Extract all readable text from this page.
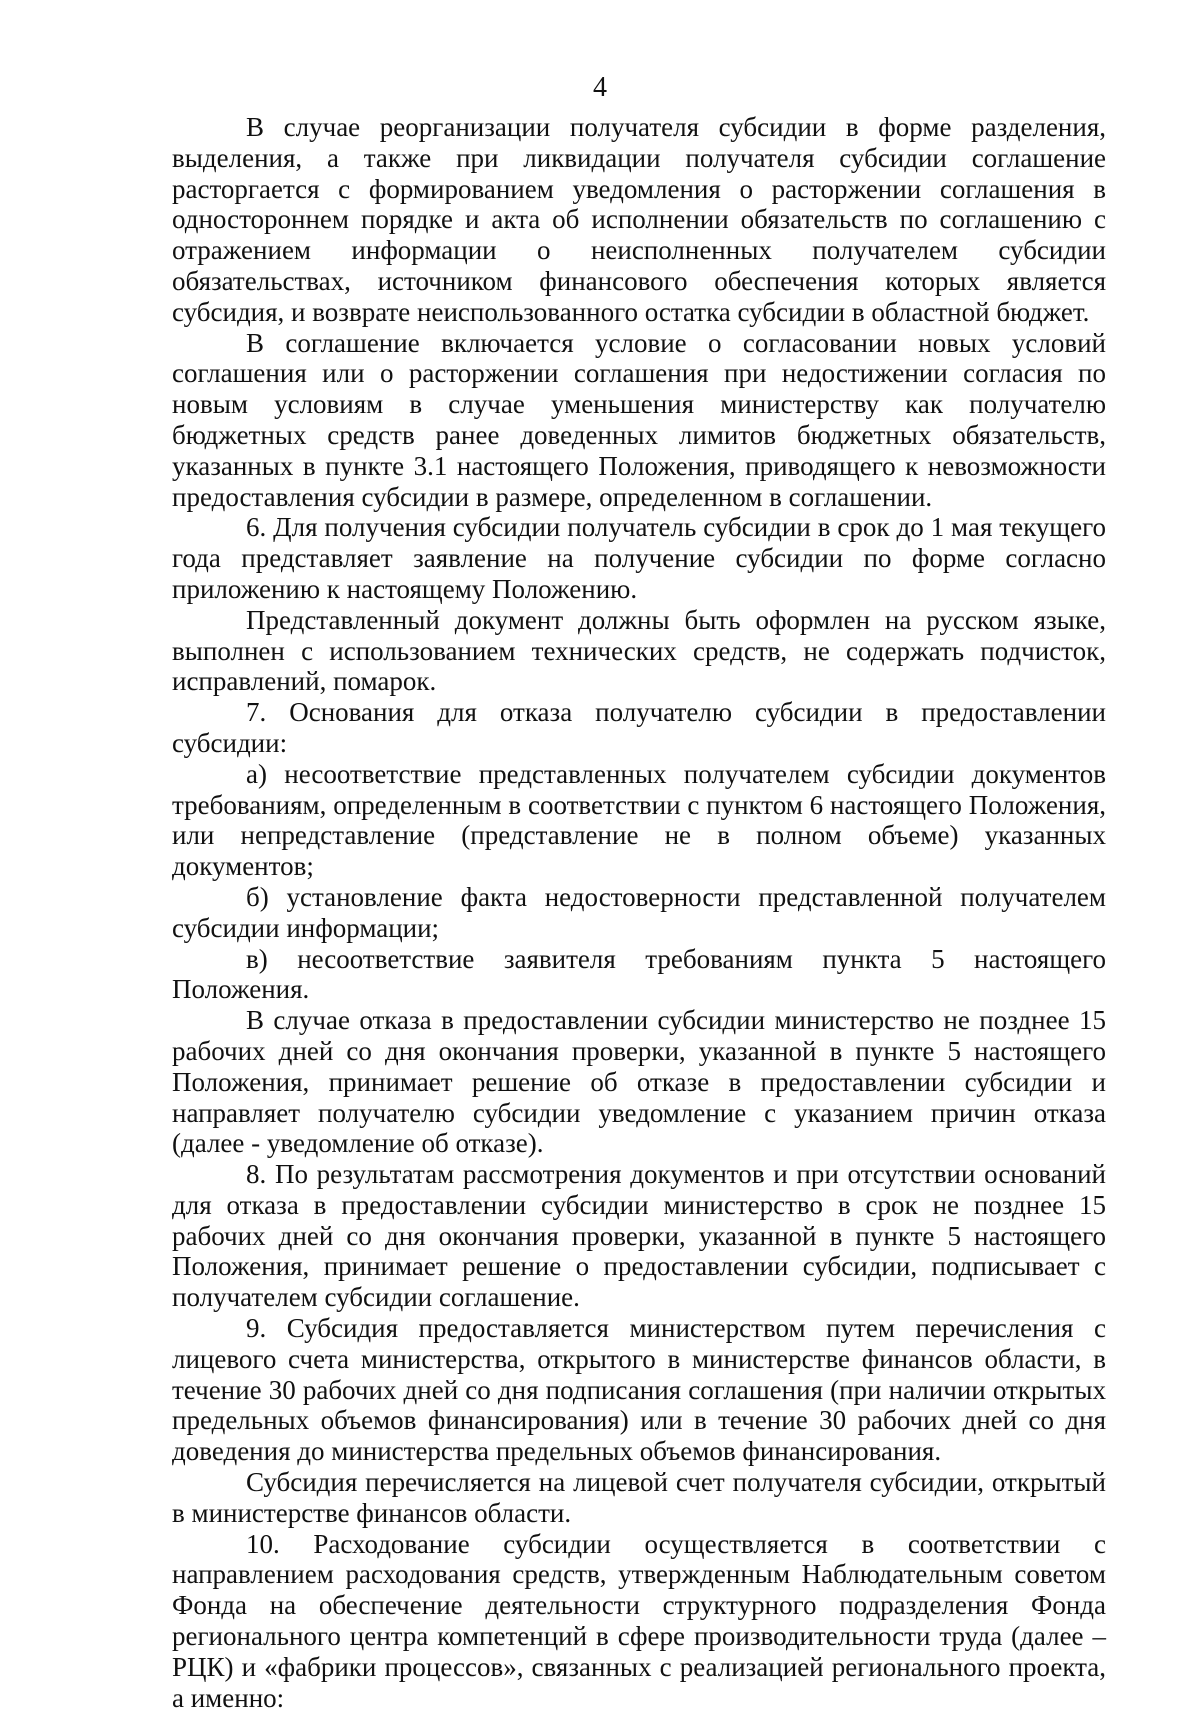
4

В случае реорганизации получателя субсидии в форме разделения, выделения, а также при ликвидации получателя субсидии соглашение расторгается с формированием уведомления о расторжении соглашения в одностороннем порядке и акта об исполнении обязательств по соглашению с отражением информации о неисполненных получателем субсидии обязательствах, источником финансового обеспечения которых является субсидия, и возврате неиспользованного остатка субсидии в областной бюджет.

В соглашение включается условие о согласовании новых условий соглашения или о расторжении соглашения при недостижении согласия по новым условиям в случае уменьшения министерству как получателю бюджетных средств ранее доведенных лимитов бюджетных обязательств, указанных в пункте 3.1 настоящего Положения, приводящего к невозможности предоставления субсидии в размере, определенном в соглашении.

6. Для получения субсидии получатель субсидии в срок до 1 мая текущего года представляет заявление на получение субсидии по форме согласно приложению к настоящему Положению.

Представленный документ должны быть оформлен на русском языке, выполнен с использованием технических средств, не содержать подчисток, исправлений, помарок.

7. Основания для отказа получателю субсидии в предоставлении субсидии:

а) несоответствие представленных получателем субсидии документов требованиям, определенным в соответствии с пунктом 6 настоящего Положения, или непредставление (представление не в полном объеме) указанных документов;

б) установление факта недостоверности представленной получателем субсидии информации;

в) несоответствие заявителя требованиям пункта 5 настоящего Положения.

В случае отказа в предоставлении субсидии министерство не позднее 15 рабочих дней со дня окончания проверки, указанной в пункте 5 настоящего Положения, принимает решение об отказе в предоставлении субсидии и направляет получателю субсидии уведомление с указанием причин отказа (далее - уведомление об отказе).

8. По результатам рассмотрения документов и при отсутствии оснований для отказа в предоставлении субсидии министерство в срок не позднее 15 рабочих дней со дня окончания проверки, указанной в пункте 5 настоящего Положения, принимает решение о предоставлении субсидии, подписывает с получателем субсидии соглашение.

9. Субсидия предоставляется министерством путем перечисления с лицевого счета министерства, открытого в министерстве финансов области, в течение 30 рабочих дней со дня подписания соглашения (при наличии открытых предельных объемов финансирования) или в течение 30 рабочих дней со дня доведения до министерства предельных объемов финансирования.

Субсидия перечисляется на лицевой счет получателя субсидии, открытый в министерстве финансов области.

10. Расходование субсидии осуществляется в соответствии с направлением расходования средств, утвержденным Наблюдательным советом Фонда на обеспечение деятельности структурного подразделения Фонда регионального центра компетенций в сфере производительности труда (далее – РЦК) и «фабрики процессов», связанных с реализацией регионального проекта, а именно:
